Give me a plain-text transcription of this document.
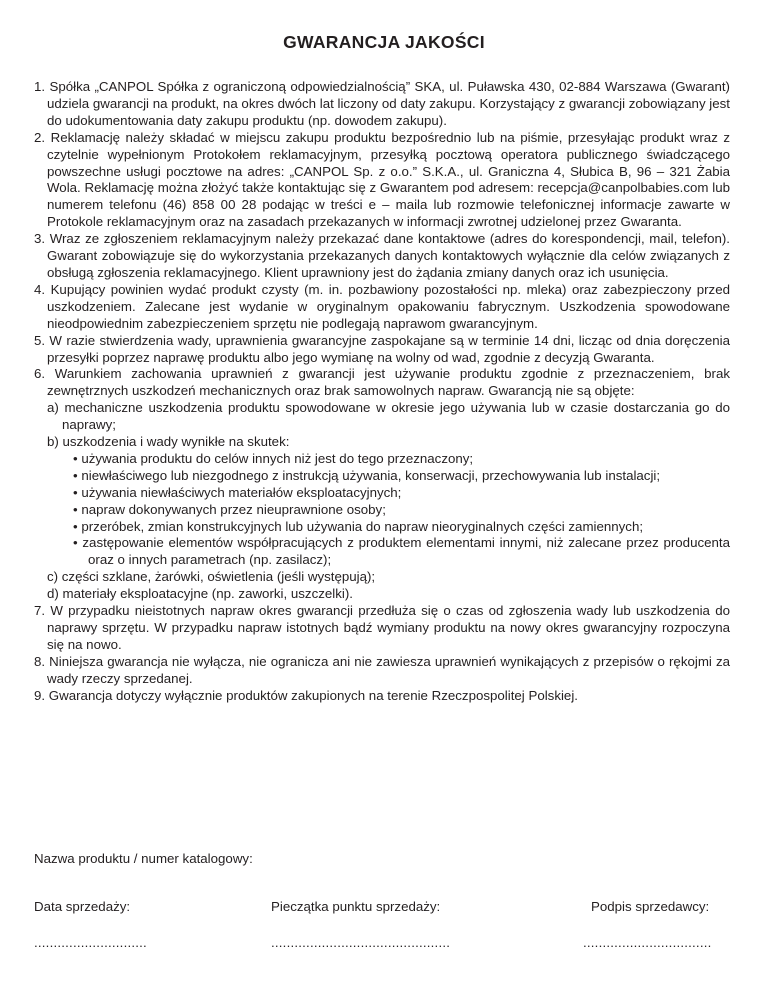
GWARANCJA JAKOŚCI
1. Spółka „CANPOL Spółka z ograniczoną odpowiedzialnością” SKA, ul. Puławska 430, 02-884 Warszawa (Gwarant) udziela gwarancji na produkt, na okres dwóch lat liczony od daty zakupu. Korzystający z gwarancji zobowiązany jest do udokumentowania daty zakupu produktu (np. dowodem zakupu).
2. Reklamację należy składać w miejscu zakupu produktu bezpośrednio lub na piśmie, przesyłając produkt wraz z czytelnie wypełnionym Protokołem reklamacyjnym, przesyłką pocztową operatora publicznego świadczącego powszechne usługi pocztowe na adres: „CANPOL Sp. z o.o.” S.K.A., ul. Graniczna 4, Słubica B, 96 – 321 Żabia Wola. Reklamację można złożyć także kontaktując się z Gwarantem pod adresem: recepcja@canpolbabies.com lub numerem telefonu (46) 858 00 28 podając w treści e – maila lub rozmowie telefonicznej informacje zawarte w Protokole reklamacyjnym oraz na zasadach przekazanych w informacji zwrotnej udzielonej przez Gwaranta.
3. Wraz ze zgłoszeniem reklamacyjnym należy przekazać dane kontaktowe (adres do korespondencji, mail, telefon). Gwarant zobowiązuje się do wykorzystania przekazanych danych kontaktowych wyłącznie dla celów związanych z obsługą zgłoszenia reklamacyjnego. Klient uprawniony jest do żądania zmiany danych oraz ich usunięcia.
4. Kupujący powinien wydać produkt czysty (m. in. pozbawiony pozostałości np. mleka) oraz zabezpieczony przed uszkodzeniem. Zalecane jest wydanie w oryginalnym opakowaniu fabrycznym. Uszkodzenia spowodowane nieodpowiednim zabezpieczeniem sprzętu nie podlegają naprawom gwarancyjnym.
5. W razie stwierdzenia wady, uprawnienia gwarancyjne zaspokajane są w terminie 14 dni, licząc od dnia doręczenia przesyłki poprzez naprawę produktu albo jego wymianę na wolny od wad, zgodnie z decyzją Gwaranta.
6. Warunkiem zachowania uprawnień z gwarancji jest używanie produktu zgodnie z przeznaczeniem, brak zewnętrznych uszkodzeń mechanicznych oraz brak samowolnych napraw. Gwarancją nie są objęte:
a) mechaniczne uszkodzenia produktu spowodowane w okresie jego używania lub w czasie dostarczania go do naprawy;
b) uszkodzenia i wady wynikłe na skutek:
• używania produktu do celów innych niż jest do tego przeznaczony;
• niewłaściwego lub niezgodnego z instrukcją używania, konserwacji, przechowywania lub instalacji;
• używania niewłaściwych materiałów eksploatacyjnych;
• napraw dokonywanych przez nieuprawnione osoby;
• przeróbek, zmian konstrukcyjnych lub używania do napraw nieoryginalnych części zamiennych;
• zastępowanie elementów współpracujących z produktem elementami innymi, niż zalecane przez producenta oraz o innych parametrach (np. zasilacz);
c) części szklane, żarówki, oświetlenia (jeśli występują);
d) materiały eksploatacyjne (np. zaworki, uszczelki).
7. W przypadku nieistotnych napraw okres gwarancji przedłuża się o czas od zgłoszenia wady lub uszkodzenia do naprawy sprzętu. W przypadku napraw istotnych bądź wymiany produktu na nowy okres gwarancyjny rozpoczyna się na nowo.
8. Niniejsza gwarancja nie wyłącza, nie ogranicza ani nie zawiesza uprawnień wynikających z przepisów o rękojmi za wady rzeczy sprzedanej.
9. Gwarancja dotyczy wyłącznie produktów zakupionych na terenie Rzeczpospolitej Polskiej.
Nazwa produktu / numer katalogowy:
Data sprzedaży:	Pieczątka punktu sprzedaży:	Podpis sprzedawcy:
.............................	..............................................	.................................
